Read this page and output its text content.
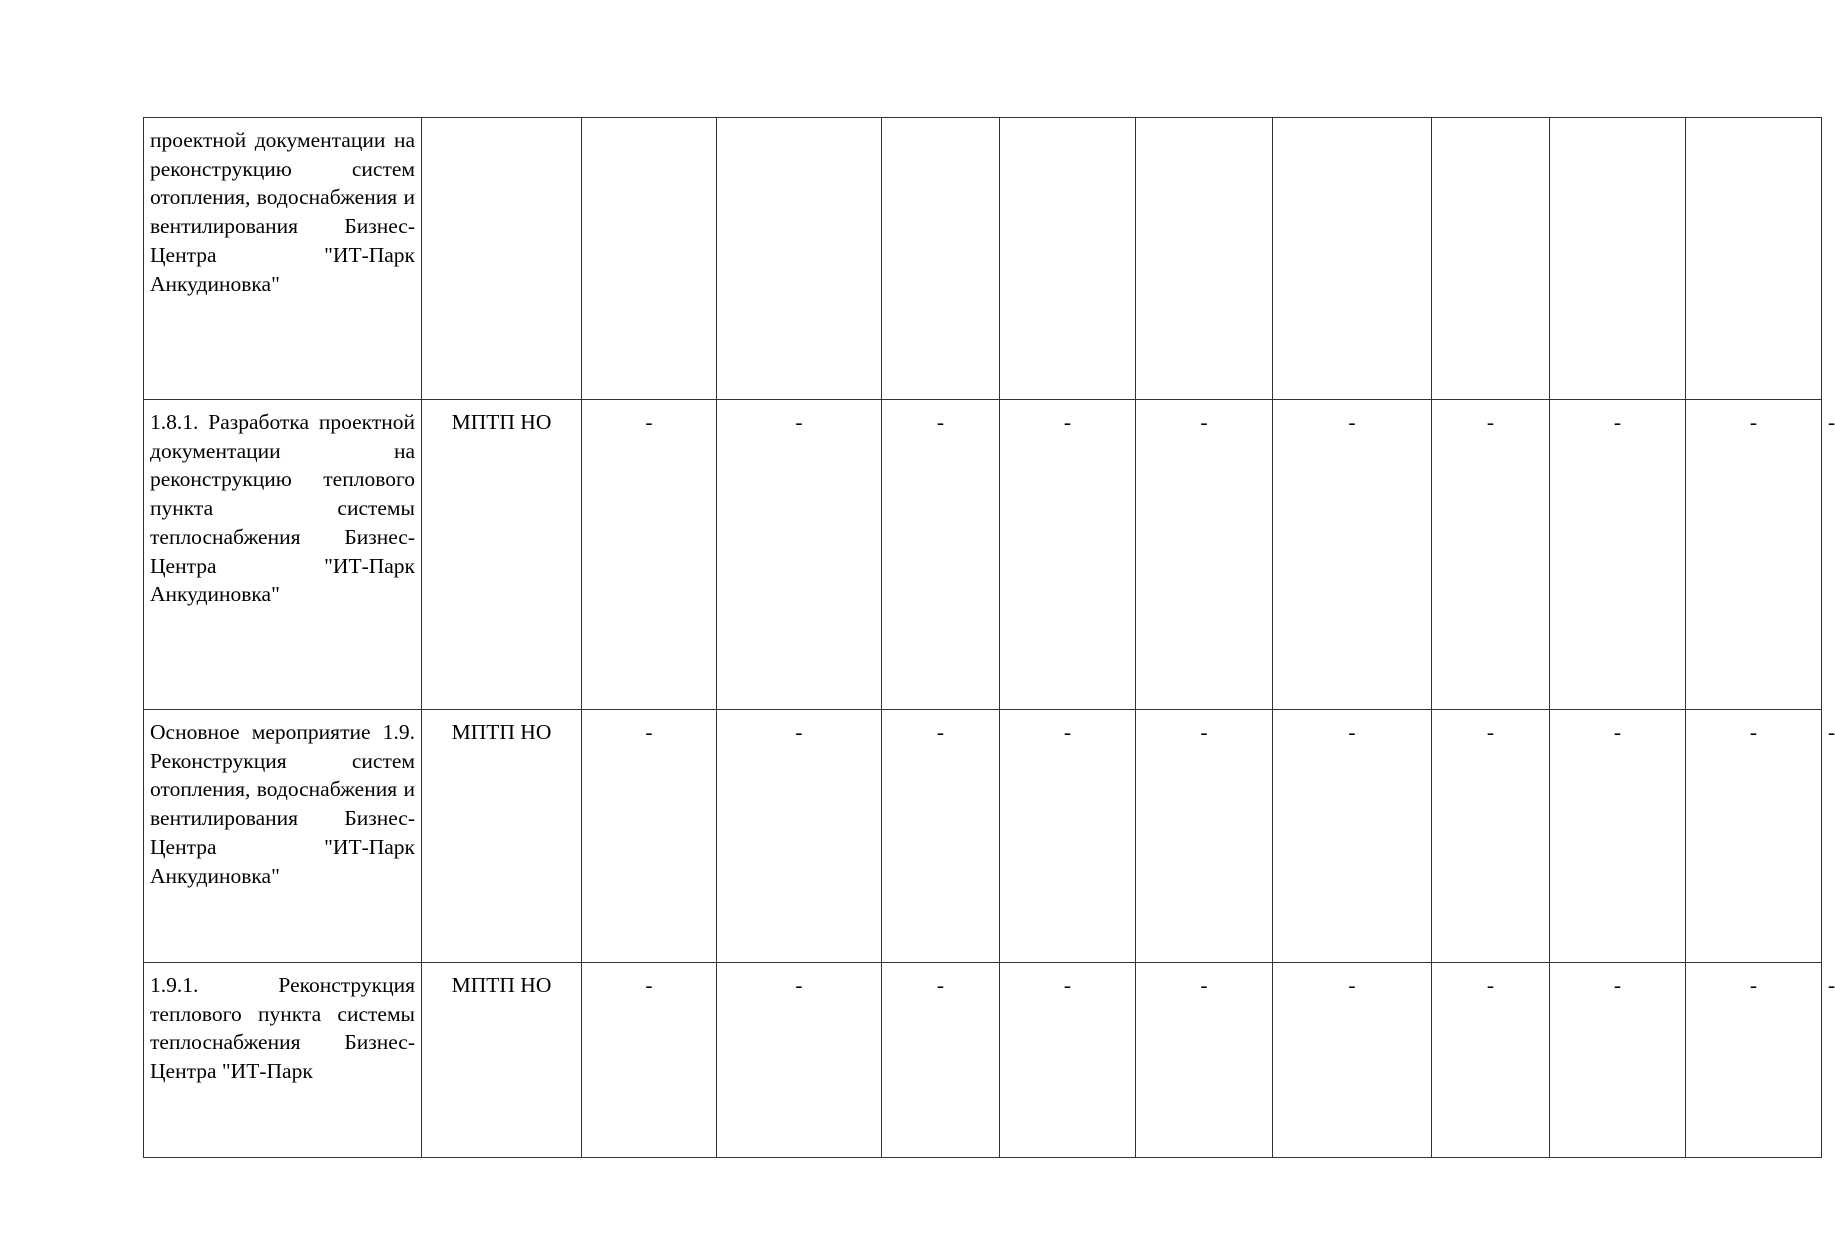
проектной документации на реконструкцию систем отопления, водоснабжения и вентилирования Бизнес-Центра "ИТ-Парк Анкудиновка"											
1.8.1. Разработка проектной документации на реконструкцию теплового пункта системы теплоснабжения Бизнес-Центра "ИТ-Парк Анкудиновка"	МПТП НО	-	-	-	-	-	-	-	-	-	-
Основное мероприятие 1.9. Реконструкция систем отопления, водоснабжения и вентилирования Бизнес-Центра "ИТ-Парк Анкудиновка"	МПТП НО	-	-	-	-	-	-	-	-	-	-
1.9.1. Реконструкция теплового пункта системы теплоснабжения Бизнес-Центра "ИТ-Парк	МПТП НО	-	-	-	-	-	-	-	-	-	-
